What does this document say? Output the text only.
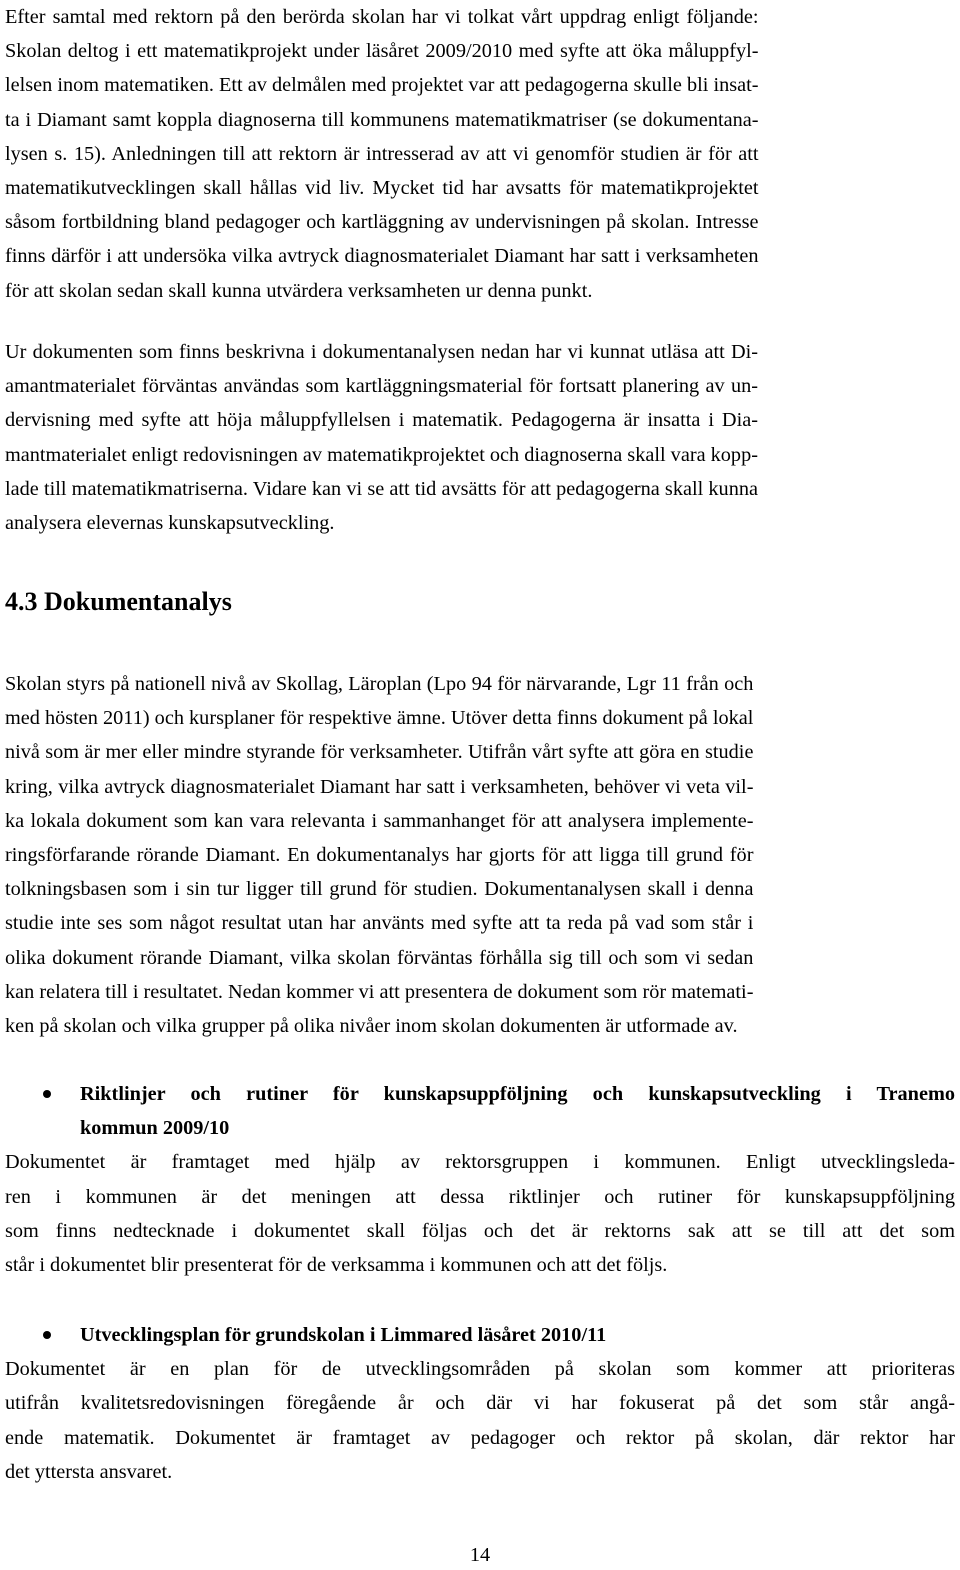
Efter samtal med rektorn på den berörda skolan har vi tolkat vårt uppdrag enligt följande:
Skolan deltog i ett matematikprojekt under läsåret 2009/2010 med syfte att öka måluppfyl-
lelsen inom matematiken. Ett av delmålen med projektet var att pedagogerna skulle bli insat-
ta i Diamant samt koppla diagnoserna till kommunens matematikmatriser (se dokumentana-
lysen s. 15). Anledningen till att rektorn är intresserad av att vi genomför studien är för att
matematikutvecklingen skall hållas vid liv. Mycket tid har avsatts för matematikprojektet
såsom fortbildning bland pedagoger och kartläggning av undervisningen på skolan. Intresse
finns därför i att undersöka vilka avtryck diagnosmaterialet Diamant har satt i verksamheten
för att skolan sedan skall kunna utvärdera verksamheten ur denna punkt.
Ur dokumenten som finns beskrivna i dokumentanalysen nedan har vi kunnat utläsa att Di-
amantmaterialet förväntas användas som kartläggningsmaterial för fortsatt planering av un-
dervisning med syfte att höja måluppfyllelsen i matematik. Pedagogerna är insatta i Dia-
mantmaterialet enligt redovisningen av matematikprojektet och diagnoserna skall vara kopp-
lade till matematikmatriserna. Vidare kan vi se att tid avsätts för att pedagogerna skall kunna
analysera elevernas kunskapsutveckling.
4.3 Dokumentanalys
Skolan styrs på nationell nivå av Skollag, Läroplan (Lpo 94 för närvarande, Lgr 11 från och
med hösten 2011) och kursplaner för respektive ämne. Utöver detta finns dokument på lokal
nivå som är mer eller mindre styrande för verksamheter. Utifrån vårt syfte att göra en studie
kring, vilka avtryck diagnosmaterialet Diamant har satt i verksamheten, behöver vi veta vil-
ka lokala dokument som kan vara relevanta i sammanhanget för att analysera implemente-
ringsförfarande rörande Diamant. En dokumentanalys har gjorts för att ligga till grund för
tolkningsbasen som i sin tur ligger till grund för studien. Dokumentanalysen skall i denna
studie inte ses som något resultat utan har använts med syfte att ta reda på vad som står i
olika dokument rörande Diamant, vilka skolan förväntas förhålla sig till och som vi sedan
kan relatera till i resultatet. Nedan kommer vi att presentera de dokument som rör matemati-
ken på skolan och vilka grupper på olika nivåer inom skolan dokumenten är utformade av.
Riktlinjer och rutiner för kunskapsuppföljning och kunskapsutveckling i Tranemo
kommun 2009/10
Dokumentet är framtaget med hjälp av rektorsgruppen i kommunen. Enligt utvecklingsleda-
ren i kommunen är det meningen att dessa riktlinjer och rutiner för kunskapsuppföljning
som finns nedtecknade i dokumentet skall följas och det är rektorns sak att se till att det som
står i dokumentet blir presenterat för de verksamma i kommunen och att det följs.
Utvecklingsplan för grundskolan i Limmared läsåret 2010/11
Dokumentet är en plan för de utvecklingsområden på skolan som kommer att prioriteras
utifrån kvalitetsredovisningen föregående år och där vi har fokuserat på det som står angå-
ende matematik. Dokumentet är framtaget av pedagoger och rektor på skolan, där rektor har
det yttersta ansvaret.
14
